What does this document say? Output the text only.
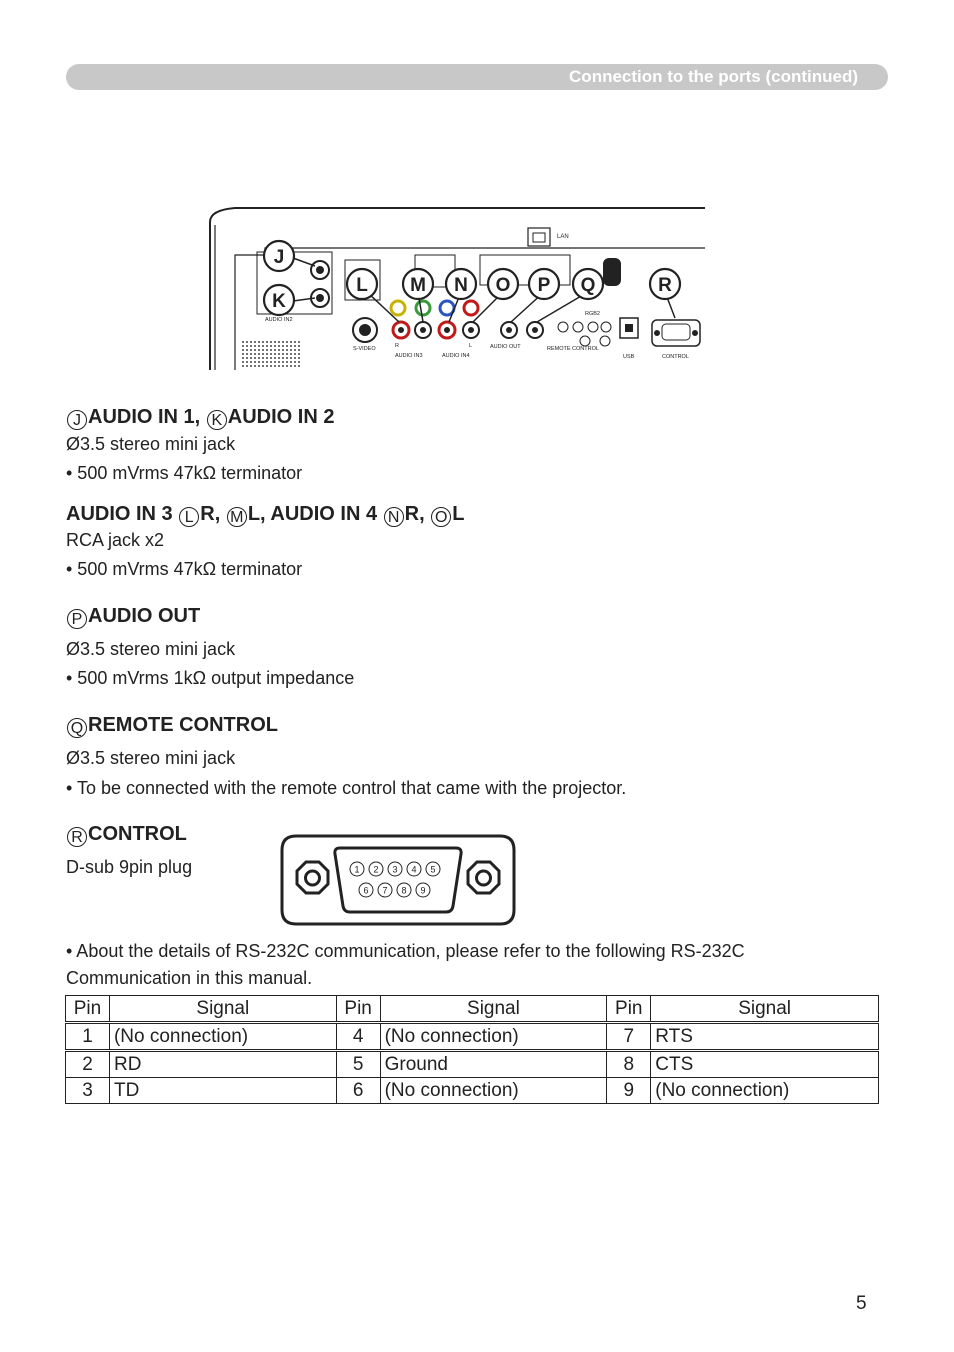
Connection to the ports (continued)
LAN
AUDIO IN2
S-VIDEO	R
AUDIO IN3
L
AUDIO IN4
AUDIO OUT	REMOTE CONTROL
RGB2
USB	CONTROL
J
K
L M N O P Q	R
J AUDIO IN 1, K AUDIO IN 2
Ø3.5 stereo mini jack
• 500 mVrms 47kΩ terminator
AUDIO IN 3 L R, M L, AUDIO IN 4 N R, O L
RCA jack x2
• 500 mVrms 47kΩ terminator
P AUDIO OUT
Ø3.5 stereo mini jack
• 500 mVrms 1kΩ output impedance
Q REMOTE CONTROL
Ø3.5 stereo mini jack
• To be connected with the remote control that came with the projector.
R CONTROL
D-sub 9pin plug	1 2 3 4 5
6 7 8 9
• About the details of RS-232C communication, please refer to the following RS-232C
Communication in this manual.
Pin	Signal	Pin	Signal	Pin	Signal
1	(No connection)	4	(No connection)	7	RTS
2	RD	5	Ground	8	CTS
3	TD	6	(No connection)	9	(No connection)
5
